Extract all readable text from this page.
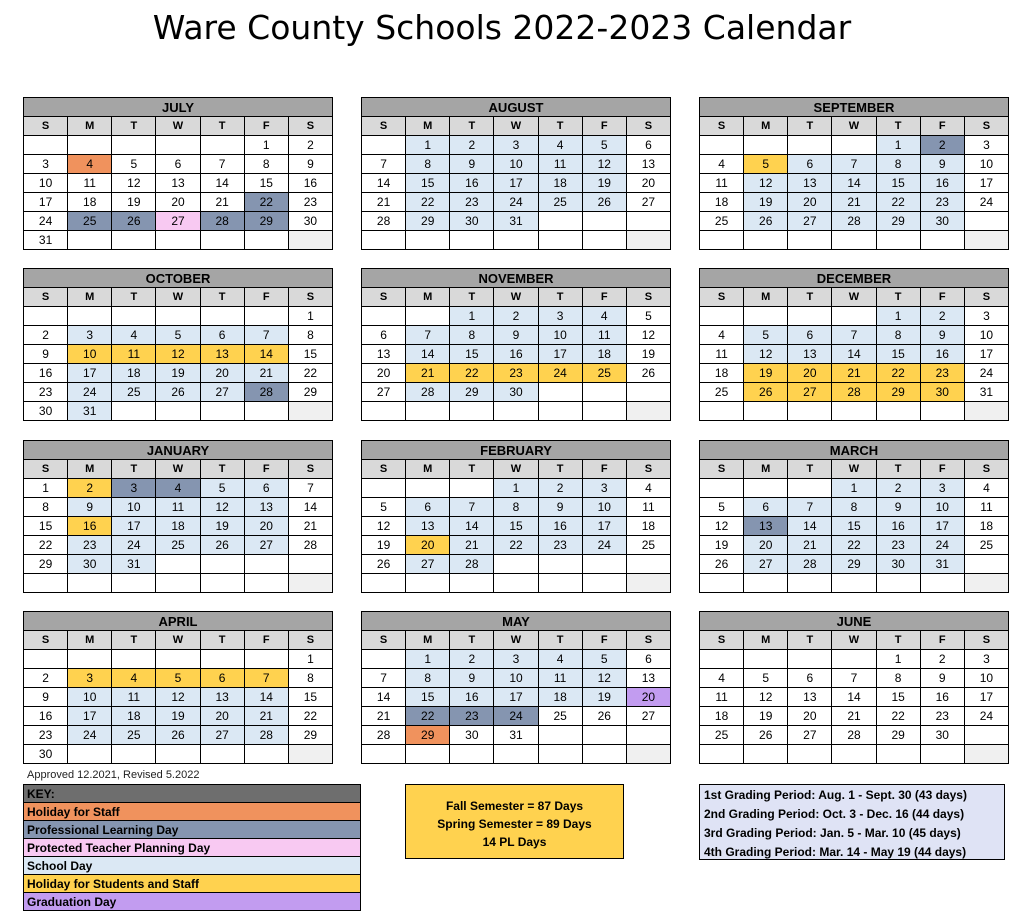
Ware County Schools 2022-2023 Calendar
JULY						
S	M	T	W	T	F	S
					1	2
3	4	5	6	7	8	9
10	11	12	13	14	15	16
17	18	19	20	21	22	23
24	25	26	27	28	29	30
31						
AUGUST						
S	M	T	W	T	F	S
	1	2	3	4	5	6
7	8	9	10	11	12	13
14	15	16	17	18	19	20
21	22	23	24	25	26	27
28	29	30	31			

SEPTEMBER						
S	M	T	W	T	F	S
				1	2	3
4	5	6	7	8	9	10
11	12	13	14	15	16	17
18	19	20	21	22	23	24
25	26	27	28	29	30	

OCTOBER						
S	M	T	W	T	F	S
						1
2	3	4	5	6	7	8
9	10	11	12	13	14	15
16	17	18	19	20	21	22
23	24	25	26	27	28	29
30	31					
NOVEMBER						
S	M	T	W	T	F	S
		1	2	3	4	5
6	7	8	9	10	11	12
13	14	15	16	17	18	19
20	21	22	23	24	25	26
27	28	29	30			

DECEMBER						
S	M	T	W	T	F	S
				1	2	3
4	5	6	7	8	9	10
11	12	13	14	15	16	17
18	19	20	21	22	23	24
25	26	27	28	29	30	31

JANUARY						
S	M	T	W	T	F	S
1	2	3	4	5	6	7
8	9	10	11	12	13	14
15	16	17	18	19	20	21
22	23	24	25	26	27	28
29	30	31				

FEBRUARY						
S	M	T	W	T	F	S
			1	2	3	4
5	6	7	8	9	10	11
12	13	14	15	16	17	18
19	20	21	22	23	24	25
26	27	28				

MARCH						
S	M	T	W	T	F	S
			1	2	3	4
5	6	7	8	9	10	11
12	13	14	15	16	17	18
19	20	21	22	23	24	25
26	27	28	29	30	31	

APRIL						
S	M	T	W	T	F	S
						1
2	3	4	5	6	7	8
9	10	11	12	13	14	15
16	17	18	19	20	21	22
23	24	25	26	27	28	29
30						
MAY						
S	M	T	W	T	F	S
	1	2	3	4	5	6
7	8	9	10	11	12	13
14	15	16	17	18	19	20
21	22	23	24	25	26	27
28	29	30	31			

JUNE						
S	M	T	W	T	F	S
				1	2	3
4	5	6	7	8	9	10
11	12	13	14	15	16	17
18	19	20	21	22	23	24
25	26	27	28	29	30	

Approved 12.2021, Revised 5.2022
KEY:
Holiday for Staff
Professional Learning Day
Protected Teacher Planning Day
School Day
Holiday for Students and Staff
Graduation Day
Fall Semester = 87 Days
Spring Semester = 89 Days
14 PL Days
1st Grading Period: Aug. 1 - Sept. 30 (43 days)
2nd Grading Period: Oct. 3 - Dec. 16 (44 days)
3rd Grading Period: Jan. 5 - Mar. 10 (45 days)
4th Grading Period: Mar. 14 - May 19 (44 days)
